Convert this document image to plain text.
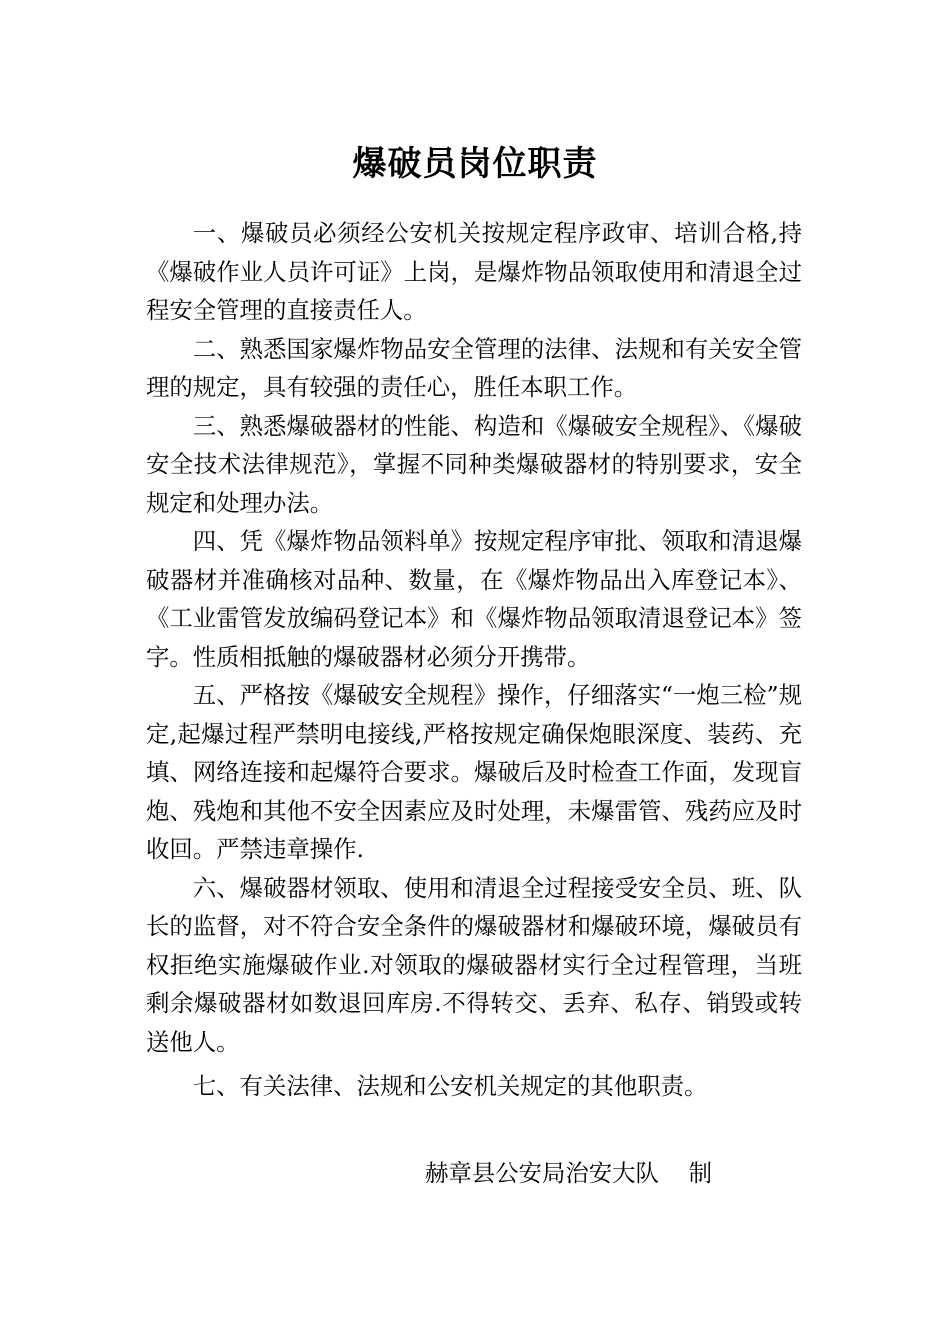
爆破员岗位职责

一、爆破员必须经公安机关按规定程序政审、培训合格,持《爆破作业人员许可证》上岗，是爆炸物品领取使用和清退全过程安全管理的直接责任人。

二、熟悉国家爆炸物品安全管理的法律、法规和有关安全管理的规定，具有较强的责任心，胜任本职工作。

三、熟悉爆破器材的性能、构造和《爆破安全规程》、《爆破安全技术法律规范》，掌握不同种类爆破器材的特别要求，安全规定和处理办法。

四、凭《爆炸物品领料单》按规定程序审批、领取和清退爆破器材并准确核对品种、数量，在《爆炸物品出入库登记本》、《工业雷管发放编码登记本》和《爆炸物品领取清退登记本》签字。性质相抵触的爆破器材必须分开携带。

五、严格按《爆破安全规程》操作，仔细落实“一炮三检”规定,起爆过程严禁明电接线,严格按规定确保炮眼深度、装药、充填、网络连接和起爆符合要求。爆破后及时检查工作面，发现盲炮、残炮和其他不安全因素应及时处理，未爆雷管、残药应及时收回。严禁违章操作.

六、爆破器材领取、使用和清退全过程接受安全员、班、队长的监督，对不符合安全条件的爆破器材和爆破环境，爆破员有权拒绝实施爆破作业.对领取的爆破器材实行全过程管理，当班剩余爆破器材如数退回库房.不得转交、丢弃、私存、销毁或转送他人。

七、有关法律、法规和公安机关规定的其他职责。

赫章县公安局治安大队    制
